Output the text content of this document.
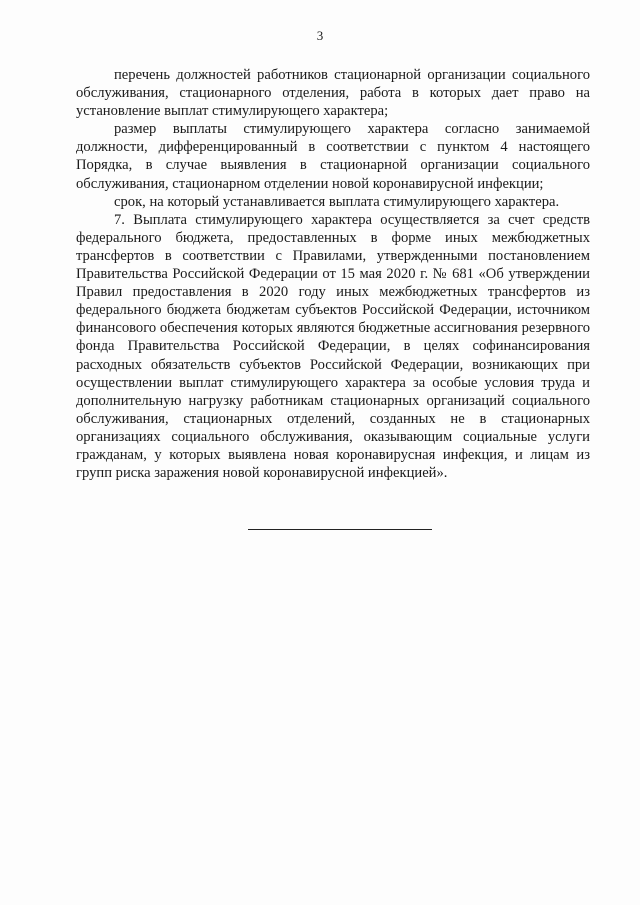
3

перечень должностей работников стационарной организации социального обслуживания, стационарного отделения, работа в которых дает право на установление выплат стимулирующего характера;

размер выплаты стимулирующего характера согласно занимаемой должности, дифференцированный в соответствии с пунктом 4 настоящего Порядка, в случае выявления в стационарной организации социального обслуживания, стационарном отделении новой коронавирусной инфекции;

срок, на который устанавливается выплата стимулирующего характера.

7. Выплата стимулирующего характера осуществляется за счет средств федерального бюджета, предоставленных в форме иных межбюджетных трансфертов в соответствии с Правилами, утвержденными постановлением Правительства Российской Федерации от 15 мая 2020 г. № 681 «Об утверждении Правил предоставления в 2020 году иных межбюджетных трансфертов из федерального бюджета бюджетам субъектов Российской Федерации, источником финансового обеспечения которых являются бюджетные ассигнования резервного фонда Правительства Российской Федерации, в целях софинансирования расходных обязательств субъектов Российской Федерации, возникающих при осуществлении выплат стимулирующего характера за особые условия труда и дополнительную нагрузку работникам стационарных организаций социального обслуживания, стационарных отделений, созданных не в стационарных организациях социального обслуживания, оказывающим социальные услуги гражданам, у которых выявлена новая коронавирусная инфекция, и лицам из групп риска заражения новой коронавирусной инфекцией».
